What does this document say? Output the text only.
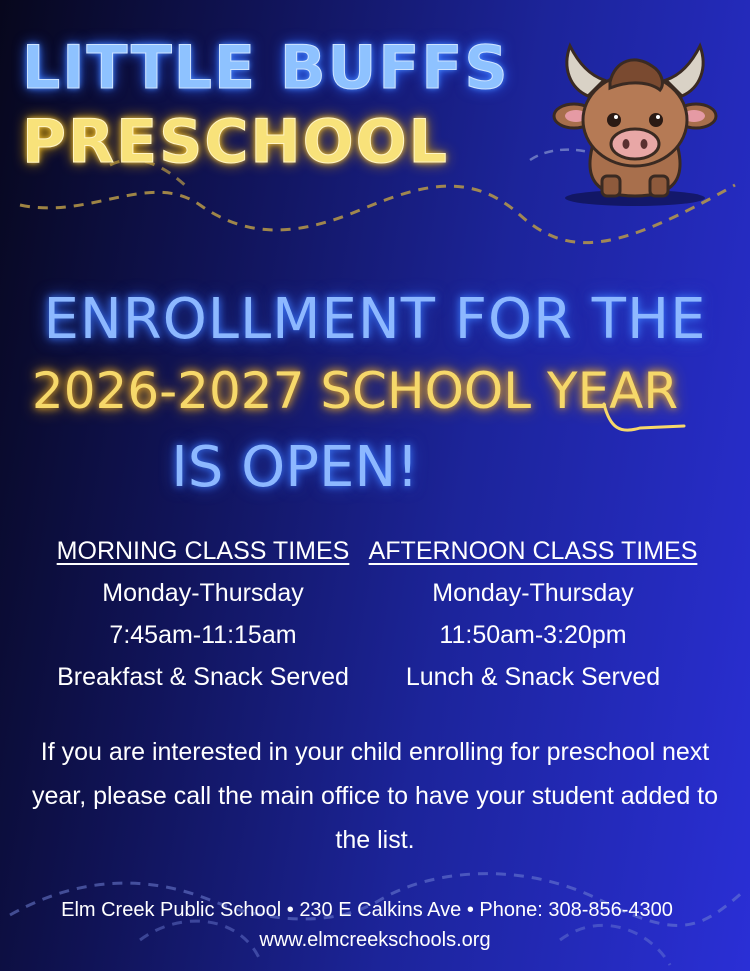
LITTLE BUFFS
PRESCHOOL
ENROLLMENT FOR THE
2026-2027 SCHOOL YEAR
IS OPEN!
MORNING CLASS TIMES
Monday-Thursday
7:45am-11:15am
Breakfast & Snack Served
AFTERNOON CLASS TIMES
Monday-Thursday
11:50am-3:20pm
Lunch & Snack Served
If you are interested in your child enrolling for preschool next year, please call the main office to have your student added to the list.
Elm Creek Public School • 230 E Calkins Ave • Phone: 308-856-4300
www.elmcreekschools.org
